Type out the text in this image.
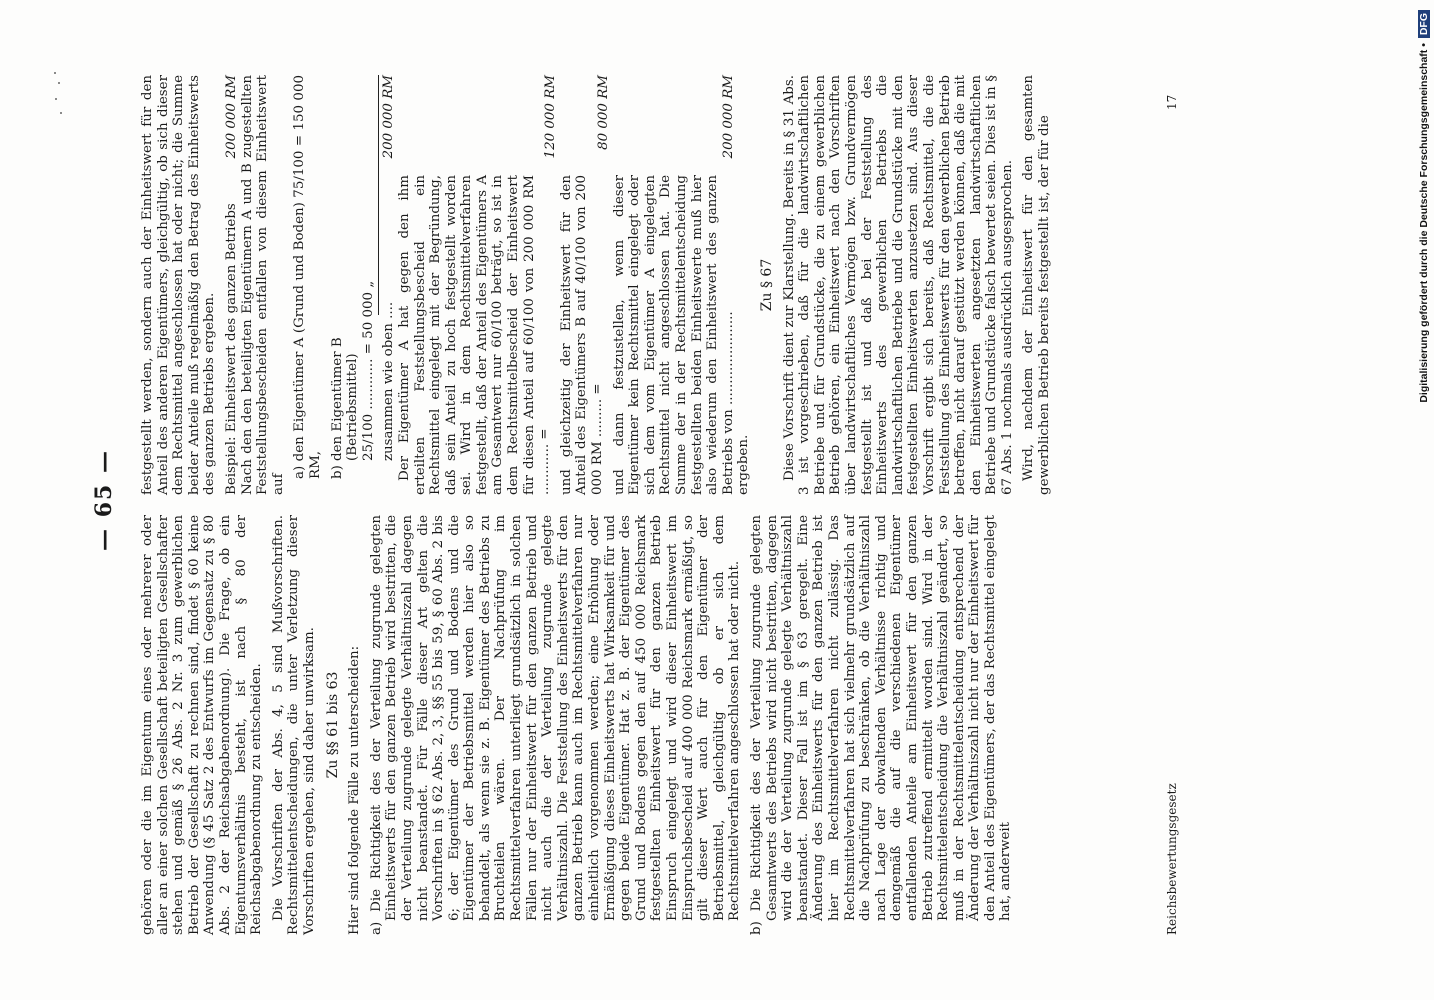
— 65 —

gehören oder die im Eigentum eines oder mehrerer oder aller an einer solchen Gesellschaft beteiligten Gesellschafter stehen und gemäß § 26 Abs. 2 Nr. 3 zum gewerblichen Betrieb der Gesellschaft zu rechnen sind, findet § 60 keine Anwendung (§ 45 Satz 2 des Entwurfs im Gegensatz zu § 80 Abs. 2 der Reichsabgabenordnung). Die Frage, ob ein Eigentumsverhältnis besteht, ist nach § 80 der Reichsabgabenordnung zu entscheiden. Die Vorschriften der Abs. 4, 5 sind Mußvorschriften. Rechtsmittelentscheidungen, die unter Verletzung dieser Vorschriften ergehen, sind daher unwirksam. Zu §§ 61 bis 63 Hier sind folgende Fälle zu unterscheiden: a) Die Richtigkeit des der Verteilung zugrunde gelegten Einheitswerts für den ganzen Betrieb wird bestritten, die der Verteilung zugrunde gelegte Verhältniszahl dagegen nicht beanstandet. Für Fälle dieser Art gelten die Vorschriften in § 62 Abs. 2, 3, §§ 55 bis 59, § 60 Abs. 2 bis 6; der Eigentümer des Grund und Bodens und die Eigentümer der Betriebsmittel werden hier also so behandelt, als wenn sie z. B. Eigentümer des Betriebs zu Bruchteilen wären. Der Nachprüfung im Rechtsmittelverfahren unterliegt grundsätzlich in solchen Fällen nur der Einheitswert für den ganzen Betrieb und nicht auch die der Verteilung zugrunde gelegte Verhältniszahl. Die Feststellung des Einheitswerts für den ganzen Betrieb kann auch im Rechtsmittelverfahren nur einheitlich vorgenommen werden; eine Erhöhung oder Ermäßigung dieses Einheitswerts hat Wirksamkeit für und gegen beide Eigentümer. Hat z. B. der Eigentümer des Grund und Bodens gegen den auf 450 000 Reichsmark festgestellten Einheitswert für den ganzen Betrieb Einspruch eingelegt und wird dieser Einheitswert im Einspruchsbescheid auf 400 000 Reichsmark ermäßigt, so gilt dieser Wert auch für den Eigentümer der Betriebsmittel, gleichgültig ob er sich dem Rechtsmittelverfahren angeschlossen hat oder nicht. b) Die Richtigkeit des der Verteilung zugrunde gelegten Gesamtwerts des Betriebs wird nicht bestritten, dagegen wird die der Verteilung zugrunde gelegte Verhältniszahl beanstandet. Dieser Fall ist im § 63 geregelt. Eine Änderung des Einheitswerts für den ganzen Betrieb ist hier im Rechtsmittelverfahren nicht zulässig. Das Rechtsmittelverfahren hat sich vielmehr grundsätzlich auf die Nachprüfung zu beschränken, ob die Verhältniszahl nach Lage der obwaltenden Verhältnisse richtig und demgemäß die auf die verschiedenen Eigentümer entfallenden Anteile am Einheitswert für den ganzen Betrieb zutreffend ermittelt worden sind. Wird in der Rechtsmittelentscheidung die Verhältniszahl geändert, so muß in der Rechtsmittelentscheidung entsprechend der Änderung der Verhältniszahl nicht nur der Einheitswert für den Anteil des Eigentümers, der das Rechtsmittel eingelegt hat, anderweit

festgestellt werden, sondern auch der Einheitswert für den Anteil des anderen Eigentümers, gleichgültig, ob sich dieser dem Rechtsmittel angeschlossen hat oder nicht; die Summe beider Anteile muß regelmäßig den Betrag des Einheitswerts des ganzen Betriebs ergeben. Beispiel: Einheitswert des ganzen Betriebs
200 000 RM Nach den den beteiligten Eigentümern A und B zugestellten Feststellungsbescheiden entfallen von diesem Einheitswert auf

a) den Eigentümer A (Grund und Boden) 75/100 = 150 000 RM, b) den Eigentümer B (Betriebsmittel) 25/100 ............ = 50 000 „ zusammen wie oben ....
200 000 RM

Der Eigentümer A hat gegen den ihm erteilten Feststellungsbescheid ein Rechtsmittel eingelegt mit der Begründung, daß sein Anteil zu hoch festgestellt worden sei. Wird in dem Rechtsmittelverfahren festgestellt, daß der Anteil des Eigentümers A am Gesamtwert nur 60/100 beträgt, so ist in dem Rechtsmittelbescheid der Einheitswert für diesen Anteil auf 60/100 von 200 000 RM ............ =

120 000 RM

und gleichzeitig der Einheitswert für den Anteil des Eigentümers B auf 40/100 von 200 000 RM ......... =

80 000 RM

und dann festzustellen, wenn dieser Eigentümer kein Rechtsmittel eingelegt oder sich dem vom Eigentümer A eingelegten Rechtsmittel nicht angeschlossen hat. Die Summe der in der Rechtsmittelentscheidung festgestellten beiden Einheitswerte muß hier also wiederum den Einheitswert des ganzen Betriebs von ......................

200 000 RM

ergeben.

Zu § 67 Diese Vorschrift dient zur Klarstellung. Bereits in § 31 Abs. 3 ist vorgeschrieben, daß für die landwirtschaftlichen Betriebe und für Grundstücke, die zu einem gewerblichen Betrieb gehören, ein Einheitswert nach den Vorschriften über landwirtschaftliches Vermögen bzw. Grundvermögen festgestellt ist und daß bei der Feststellung des Einheitswerts des gewerblichen Betriebs die landwirtschaftlichen Betriebe und die Grundstücke mit den festgestellten Einheitswerten anzusetzen sind. Aus dieser Vorschrift ergibt sich bereits, daß Rechtsmittel, die die Feststellung des Einheitswerts für den gewerblichen Betrieb betreffen, nicht darauf gestützt werden können, daß die mit den Einheitswerten angesetzten landwirtschaftlichen Betriebe und Grundstücke falsch bewertet seien. Dies ist in § 67 Abs. 1 nochmals ausdrücklich ausgesprochen. Wird, nachdem der Einheitswert für den gesamten gewerblichen Betrieb bereits festgestellt ist, der für die

Reichsbewertungsgesetz
17	Digitalisierung gefördert durch die Deutsche Forschungsgemeinschaft • DFG
